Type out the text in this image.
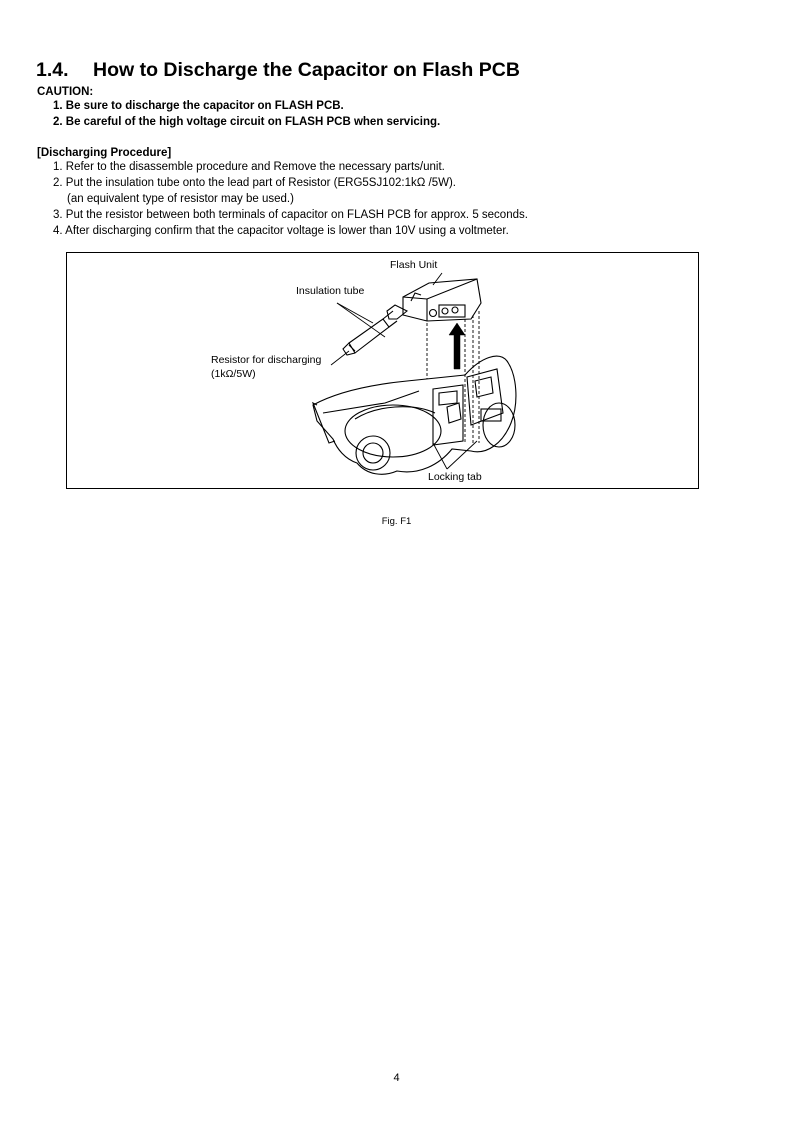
1.4. How to Discharge the Capacitor on Flash PCB
CAUTION:
1. Be sure to discharge the capacitor on FLASH PCB.
2. Be careful of the high voltage circuit on FLASH PCB when servicing.
[Discharging Procedure]
1. Refer to the disassemble procedure and Remove the necessary parts/unit.
2. Put the insulation tube onto the lead part of Resistor (ERG5SJ102:1kΩ /5W).
(an equivalent type of resistor may be used.)
3. Put the resistor between both terminals of capacitor on FLASH PCB for approx. 5 seconds.
4. After discharging confirm that the capacitor voltage is lower than 10V using a voltmeter.
Flash Unit
Insulation tube
Resistor for discharging
(1kΩ/5W)
Locking tab
Fig. F1
4
